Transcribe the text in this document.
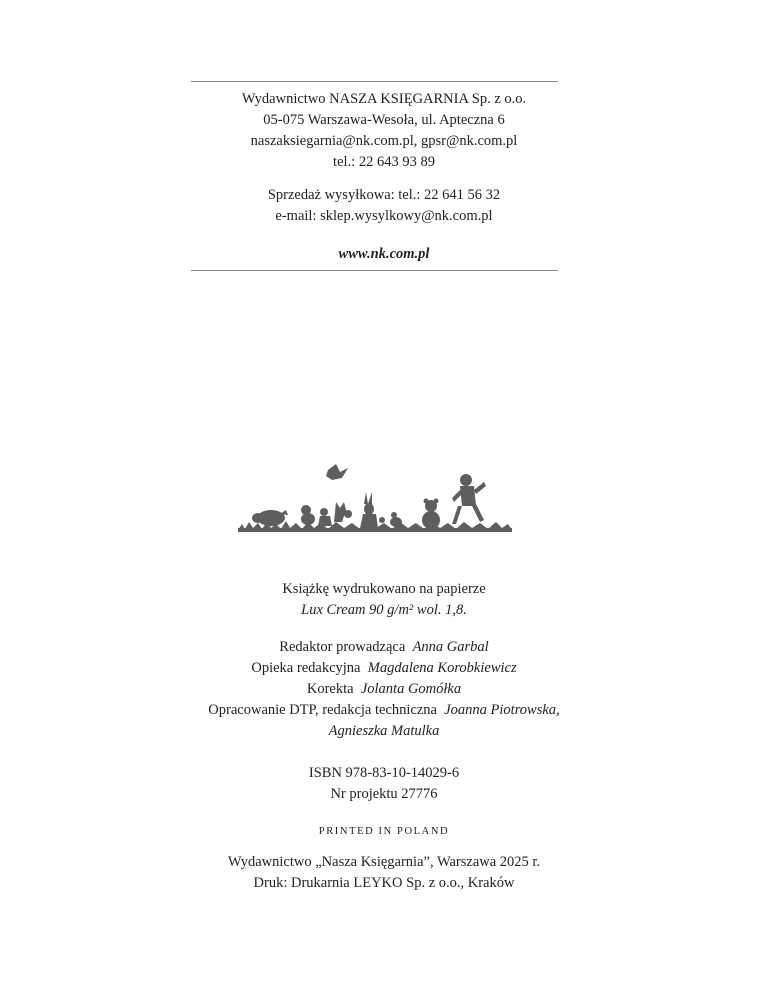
Wydawnictwo NASZA KSIĘGARNIA Sp. z o.o.
05-075 Warszawa-Wesoła, ul. Apteczna 6
naszaksiegarnia@nk.com.pl, gpsr@nk.com.pl
tel.: 22 643 93 89
Sprzedaż wysyłkowa: tel.: 22 641 56 32
e-mail: sklep.wysylkowy@nk.com.pl
www.nk.com.pl
Książkę wydrukowano na papierze
Lux Cream 90 g/m² wol. 1,8.
Redaktor prowadząca Anna Garbal
Opieka redakcyjna Magdalena Korobkiewicz
Korekta Jolanta Gomółka
Opracowanie DTP, redakcja techniczna Joanna Piotrowska,
Agnieszka Matulka
ISBN 978-83-10-14029-6
Nr projektu 27776
PRINTED IN POLAND
Wydawnictwo „Nasza Księgarnia”, Warszawa 2025 r.
Druk: Drukarnia LEYKO Sp. z o.o., Kraków
